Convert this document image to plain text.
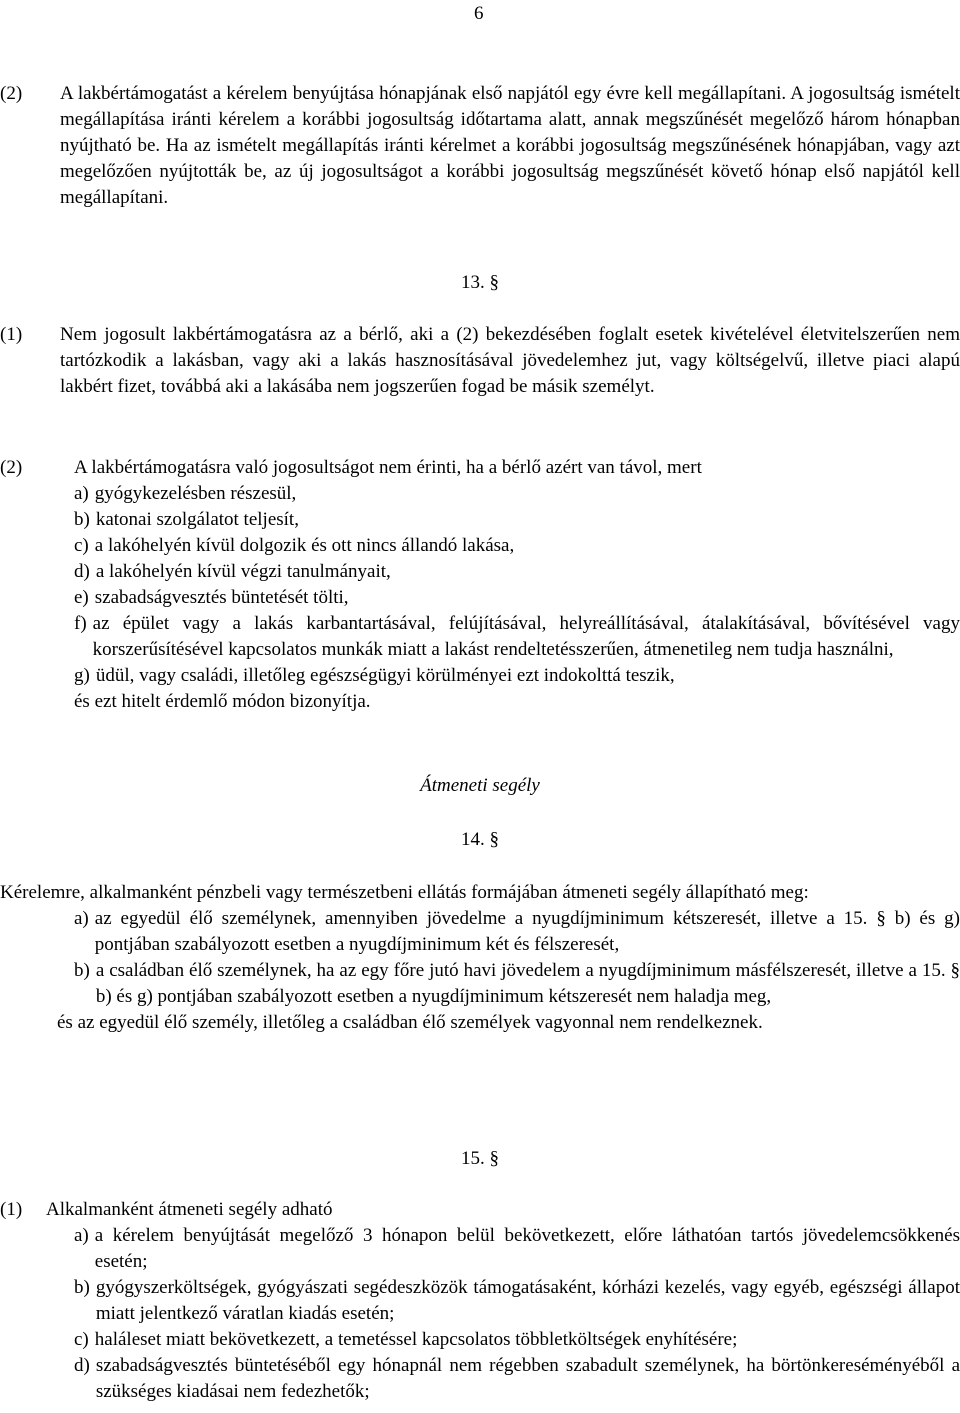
6
(2)	A lakbértámogatást a kérelem benyújtása hónapjának első napjától egy évre kell megállapítani. A jogosultság ismételt megállapítása iránti kérelem a korábbi jogosultság időtartama alatt, annak megszűnését megelőző három hónapban nyújtható be. Ha az ismételt megállapítás iránti kérelmet a korábbi jogosultság megszűnésének hónapjában, vagy azt megelőzően nyújtották be, az új jogosultságot a korábbi jogosultság megszűnését követő hónap első napjától kell megállapítani.
13. §
(1)	Nem jogosult lakbértámogatásra az a bérlő, aki a (2) bekezdésében foglalt esetek kivételével életvitelszerűen nem tartózkodik a lakásban, vagy aki a lakás hasznosításával jövedelemhez jut, vagy költségelvű, illetve piaci alapú lakbért fizet, továbbá aki a lakásába nem jogszerűen fogad be másik személyt.
(2)	A lakbértámogatásra való jogosultságot nem érinti, ha a bérlő azért van távol, mert
a) gyógykezelésben részesül,
b) katonai szolgálatot teljesít,
c) a lakóhelyén kívül dolgozik és ott nincs állandó lakása,
d) a lakóhelyén kívül végzi tanulmányait,
e) szabadságvesztés büntetését tölti,
f) az épület vagy a lakás karbantartásával, felújításával, helyreállításával, átalakításával, bővítésével vagy korszerűsítésével kapcsolatos munkák miatt a lakást rendeltetésszerűen, átmenetileg nem tudja használni,
g) üdül, vagy családi, illetőleg egészségügyi körülményei ezt indokolttá teszik,
és ezt hitelt érdemlő módon bizonyítja.
Átmeneti segély
14. §
Kérelemre, alkalmanként pénzbeli vagy természetbeni ellátás formájában átmeneti segély állapítható meg:
a) az egyedül élő személynek, amennyiben jövedelme a nyugdíjminimum kétszeresét, illetve a 15. § b) és g) pontjában szabályozott esetben a nyugdíjminimum két és félszeresét,
b) a családban élő személynek, ha az egy főre jutó havi jövedelem a nyugdíjminimum másfélszeresét, illetve a 15. § b) és g) pontjában szabályozott esetben a nyugdíjminimum kétszeresét nem haladja meg,
és az egyedül élő személy, illetőleg a családban élő személyek vagyonnal nem rendelkeznek.
15. §
(1)	Alkalmanként átmeneti segély adható
a) a kérelem benyújtását megelőző 3 hónapon belül bekövetkezett, előre láthatóan tartós jövedelemcsökkenés esetén;
b) gyógyszerköltségek, gyógyászati segédeszközök támogatásaként, kórházi kezelés, vagy egyéb, egészségi állapot miatt jelentkező váratlan kiadás esetén;
c) haláleset miatt bekövetkezett, a temetéssel kapcsolatos többletköltségek enyhítésére;
d) szabadságvesztés büntetéséből egy hónapnál nem régebben szabadult személynek, ha börtönkereséményéből a szükséges kiadásai nem fedezhetők;
